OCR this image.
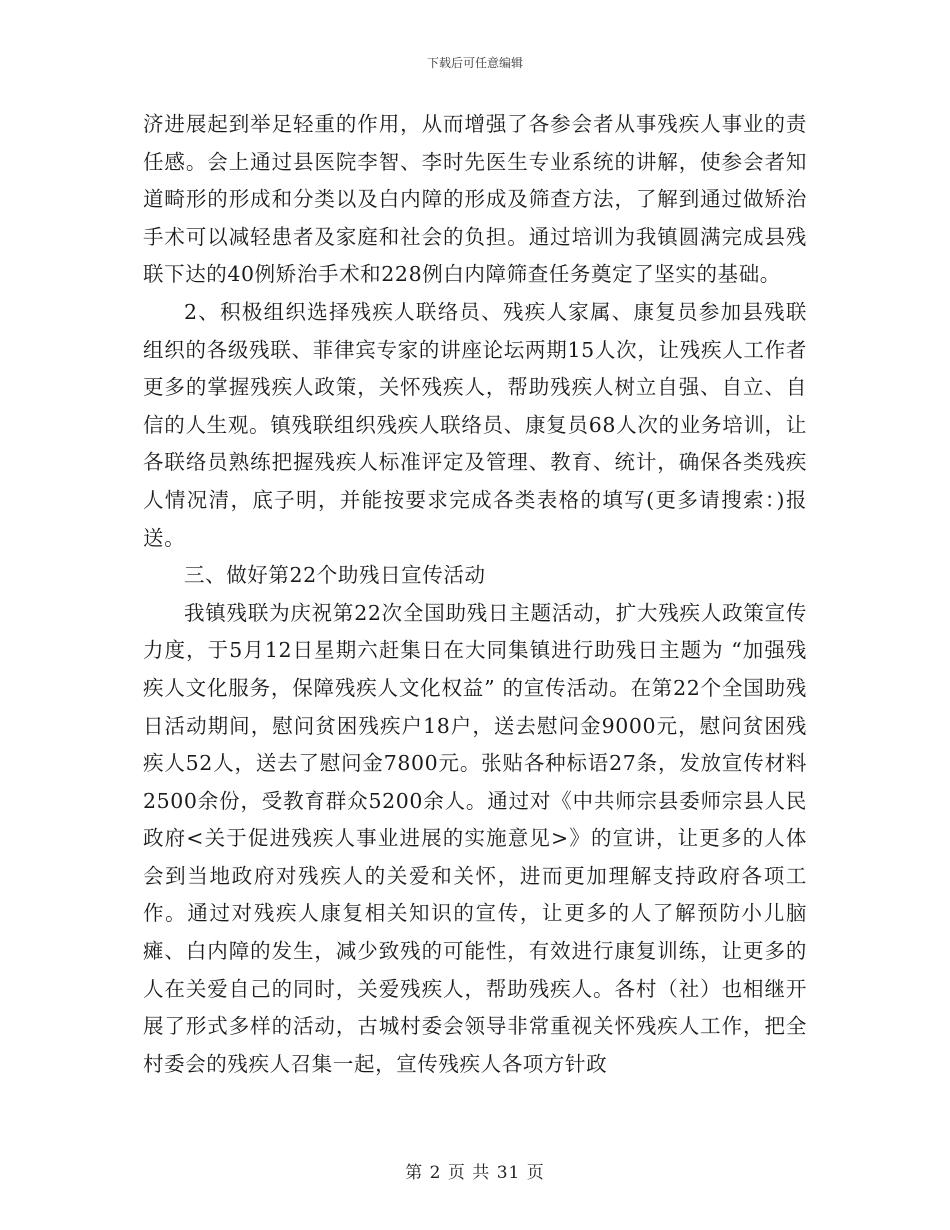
下载后可任意编辑

济进展起到举足轻重的作用，从而增强了各参会者从事残疾人事业的责任感。会上通过县医院李智、李时先医生专业系统的讲解，使参会者知道畸形的形成和分类以及白内障的形成及筛查方法，了解到通过做矫治手术可以减轻患者及家庭和社会的负担。通过培训为我镇圆满完成县残联下达的40例矫治手术和228例白内障筛查任务奠定了坚实的基础。

2、积极组织选择残疾人联络员、残疾人家属、康复员参加县残联组织的各级残联、菲律宾专家的讲座论坛两期15人次，让残疾人工作者更多的掌握残疾人政策，关怀残疾人，帮助残疾人树立自强、自立、自信的人生观。镇残联组织残疾人联络员、康复员68人次的业务培训，让各联络员熟练把握残疾人标准评定及管理、教育、统计，确保各类残疾人情况清，底子明，并能按要求完成各类表格的填写(更多请搜索：)报送。

三、做好第22个助残日宣传活动

我镇残联为庆祝第22次全国助残日主题活动，扩大残疾人政策宣传力度，于5月12日星期六赶集日在大同集镇进行助残日主题为 “加强残疾人文化服务，保障残疾人文化权益” 的宣传活动。在第22个全国助残日活动期间，慰问贫困残疾户18户，送去慰问金9000元，慰问贫困残疾人52人，送去了慰问金7800元。张贴各种标语27条，发放宣传材料2500余份，受教育群众5200余人。通过对《中共师宗县委师宗县人民政府<关于促进残疾人事业进展的实施意见>》的宣讲，让更多的人体会到当地政府对残疾人的关爱和关怀，进而更加理解支持政府各项工作。通过对残疾人康复相关知识的宣传，让更多的人了解预防小儿脑瘫、白内障的发生，减少致残的可能性，有效进行康复训练，让更多的人在关爱自己的同时，关爱残疾人，帮助残疾人。各村（社）也相继开展了形式多样的活动，古城村委会领导非常重视关怀残疾人工作，把全村委会的残疾人召集一起，宣传残疾人各项方针政

第 2 页 共 31 页
